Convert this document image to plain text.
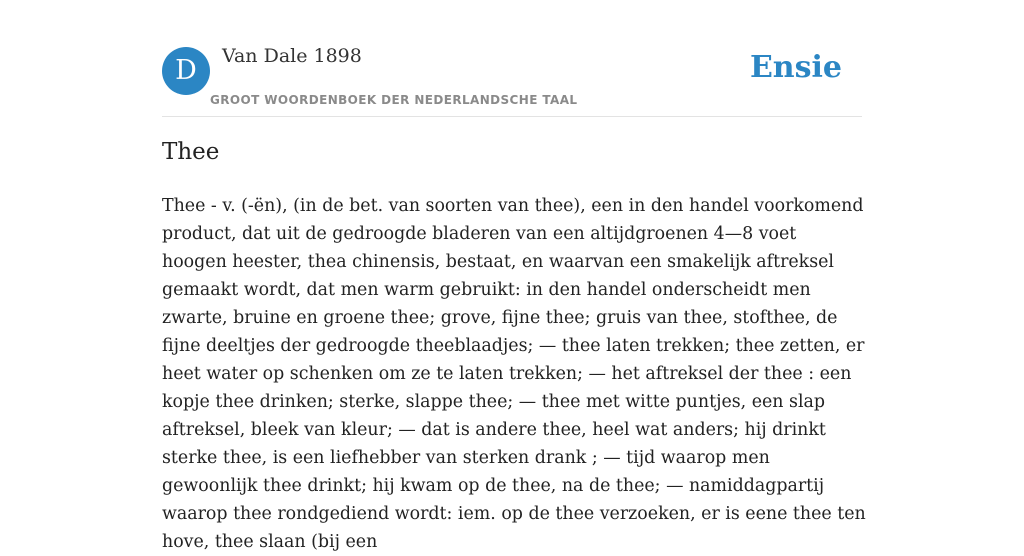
D	Van Dale 1898
GROOT WOORDENBOEK DER NEDERLANDSCHE TAAL
Ensie
Thee

Thee - v. (-ën), (in de bet. van soorten van thee), een in den handel voorkomend product, dat uit de gedroogde bladeren van een altijdgroenen 4—8 voet hoogen heester, thea chinensis, bestaat, en waarvan een smakelijk aftreksel gemaakt wordt, dat men warm gebruikt: in den handel onderscheidt men zwarte, bruine en groene thee; grove, fijne thee; gruis van thee, stofthee, de fijne deeltjes der gedroogde theeblaadjes; — thee laten trekken; thee zetten, er heet water op schenken om ze te laten trekken; — het aftreksel der thee : een kopje thee drinken; sterke, slappe thee; — thee met witte puntjes, een slap aftreksel, bleek van kleur; — dat is andere thee, heel wat anders; hij drinkt sterke thee, is een liefhebber van sterken drank ; — tijd waarop men gewoonlijk thee drinkt; hij kwam op de thee, na de thee; — namiddagpartij waarop thee rondgediend wordt: iem. op de thee verzoeken, er is eene thee ten hove, thee slaan (bij een
